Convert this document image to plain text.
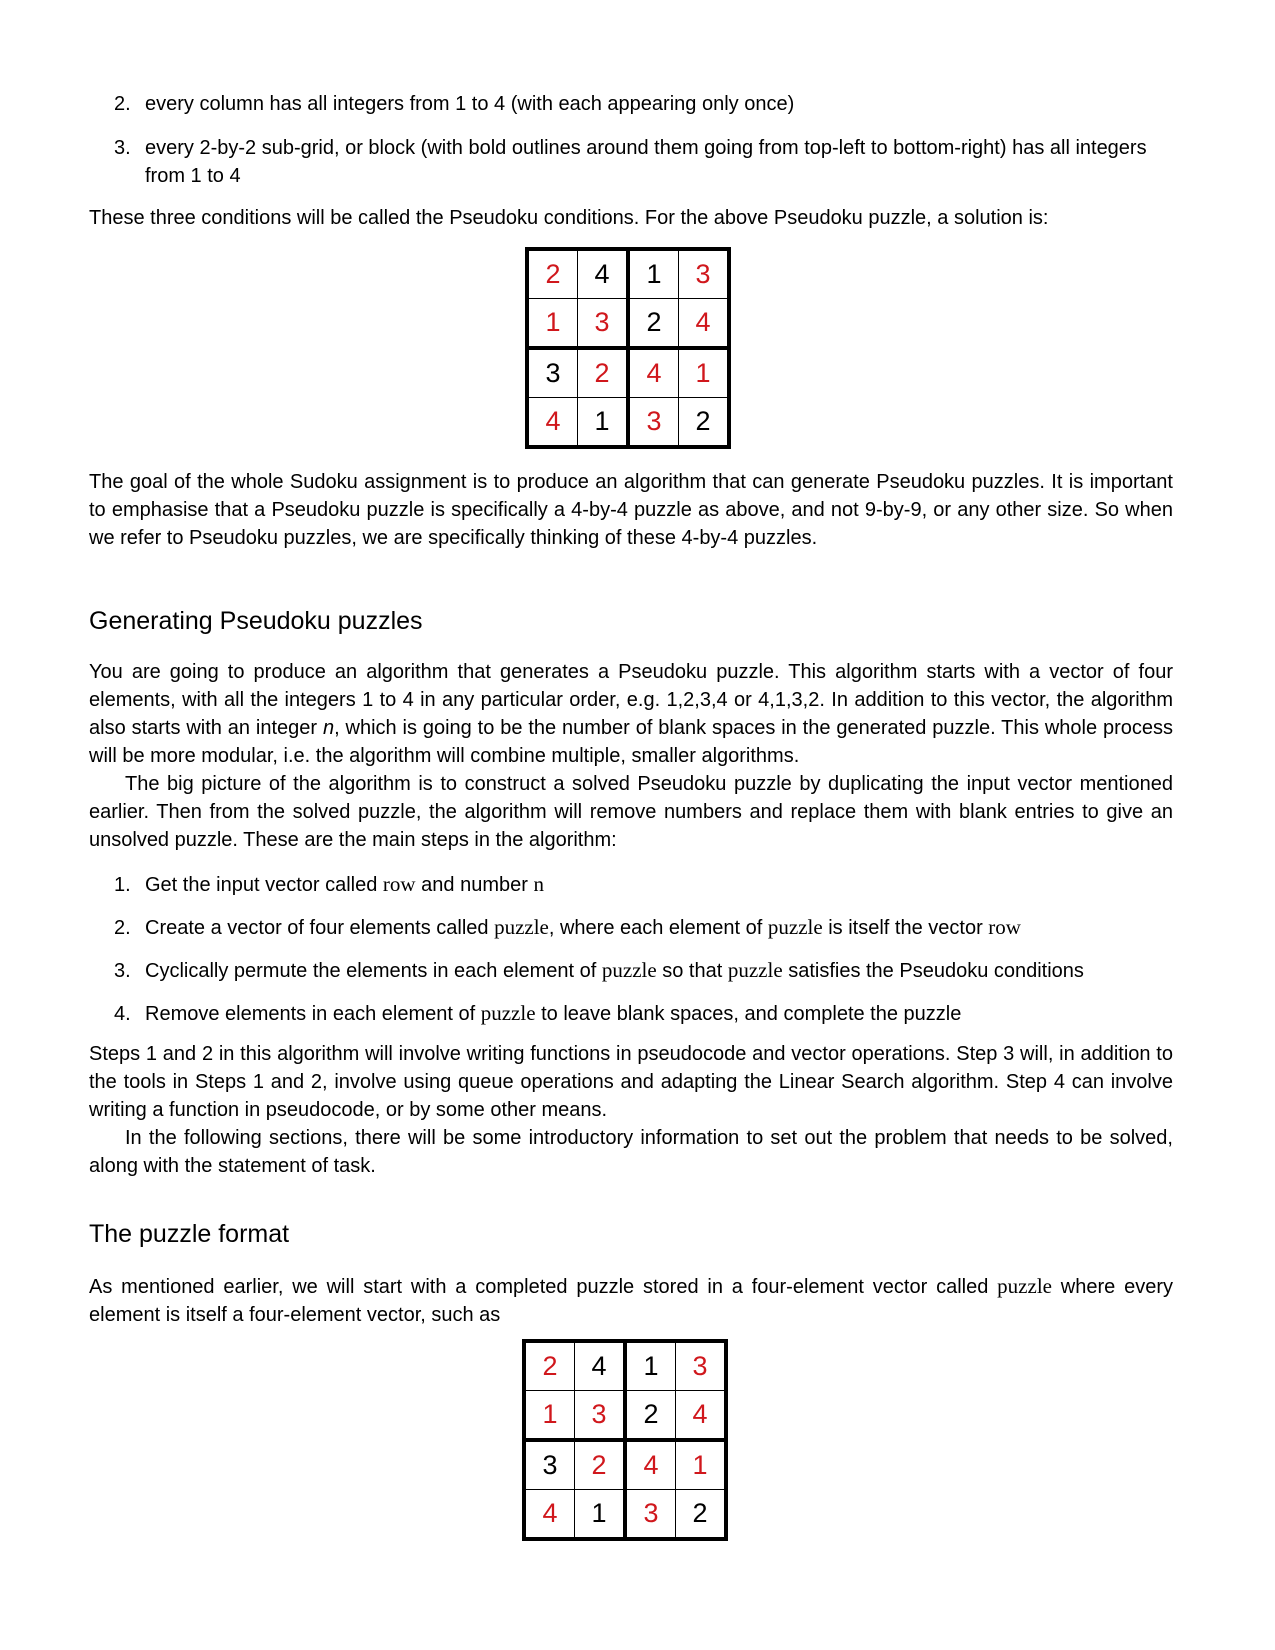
2. every column has all integers from 1 to 4 (with each appearing only once)
3. every 2-by-2 sub-grid, or block (with bold outlines around them going from top-left to bottom-right) has all integers from 1 to 4
These three conditions will be called the Pseudoku conditions. For the above Pseudoku puzzle, a solution is:
2	4	1	3
1	3	2	4
3	2	4	1
4	1	3	2
The goal of the whole Sudoku assignment is to produce an algorithm that can generate Pseudoku puzzles. It is important to emphasise that a Pseudoku puzzle is specifically a 4-by-4 puzzle as above, and not 9-by-9, or any other size. So when we refer to Pseudoku puzzles, we are specifically thinking of these 4-by-4 puzzles.
Generating Pseudoku puzzles
You are going to produce an algorithm that generates a Pseudoku puzzle. This algorithm starts with a vector of four elements, with all the integers 1 to 4 in any particular order, e.g. 1,2,3,4 or 4,1,3,2. In addition to this vector, the algorithm also starts with an integer n, which is going to be the number of blank spaces in the generated puzzle. This whole process will be more modular, i.e. the algorithm will combine multiple, smaller algorithms.
The big picture of the algorithm is to construct a solved Pseudoku puzzle by duplicating the input vector mentioned earlier. Then from the solved puzzle, the algorithm will remove numbers and replace them with blank entries to give an unsolved puzzle. These are the main steps in the algorithm:
1. Get the input vector called row and number n
2. Create a vector of four elements called puzzle, where each element of puzzle is itself the vector row
3. Cyclically permute the elements in each element of puzzle so that puzzle satisfies the Pseudoku conditions
4. Remove elements in each element of puzzle to leave blank spaces, and complete the puzzle
Steps 1 and 2 in this algorithm will involve writing functions in pseudocode and vector operations. Step 3 will, in addition to the tools in Steps 1 and 2, involve using queue operations and adapting the Linear Search algorithm. Step 4 can involve writing a function in pseudocode, or by some other means.
In the following sections, there will be some introductory information to set out the problem that needs to be solved, along with the statement of task.
The puzzle format
As mentioned earlier, we will start with a completed puzzle stored in a four-element vector called puzzle where every element is itself a four-element vector, such as
2	4	1	3
1	3	2	4
3	2	4	1
4	1	3	2
